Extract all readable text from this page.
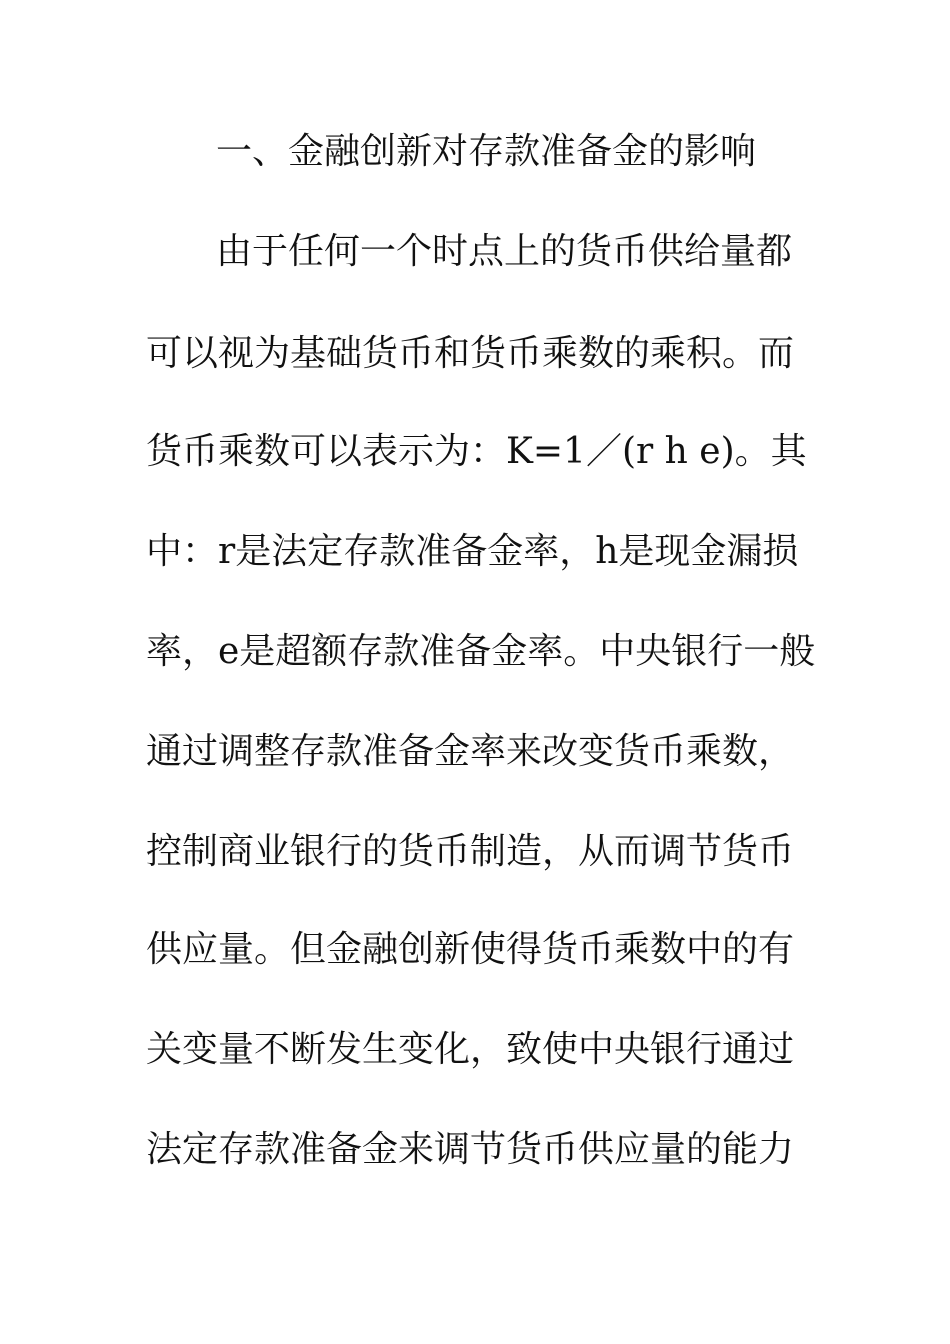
一、金融创新对存款准备金的影响
由于任何一个时点上的货币供给量都
可以视为基础货币和货币乘数的乘积。而
货币乘数可以表示为：K=1／(r h e)。其
中：r是法定存款准备金率，h是现金漏损
率，e是超额存款准备金率。中央银行一般
通过调整存款准备金率来改变货币乘数，
控制商业银行的货币制造，从而调节货币
供应量。但金融创新使得货币乘数中的有
关变量不断发生变化，致使中央银行通过
法定存款准备金来调节货币供应量的能力
